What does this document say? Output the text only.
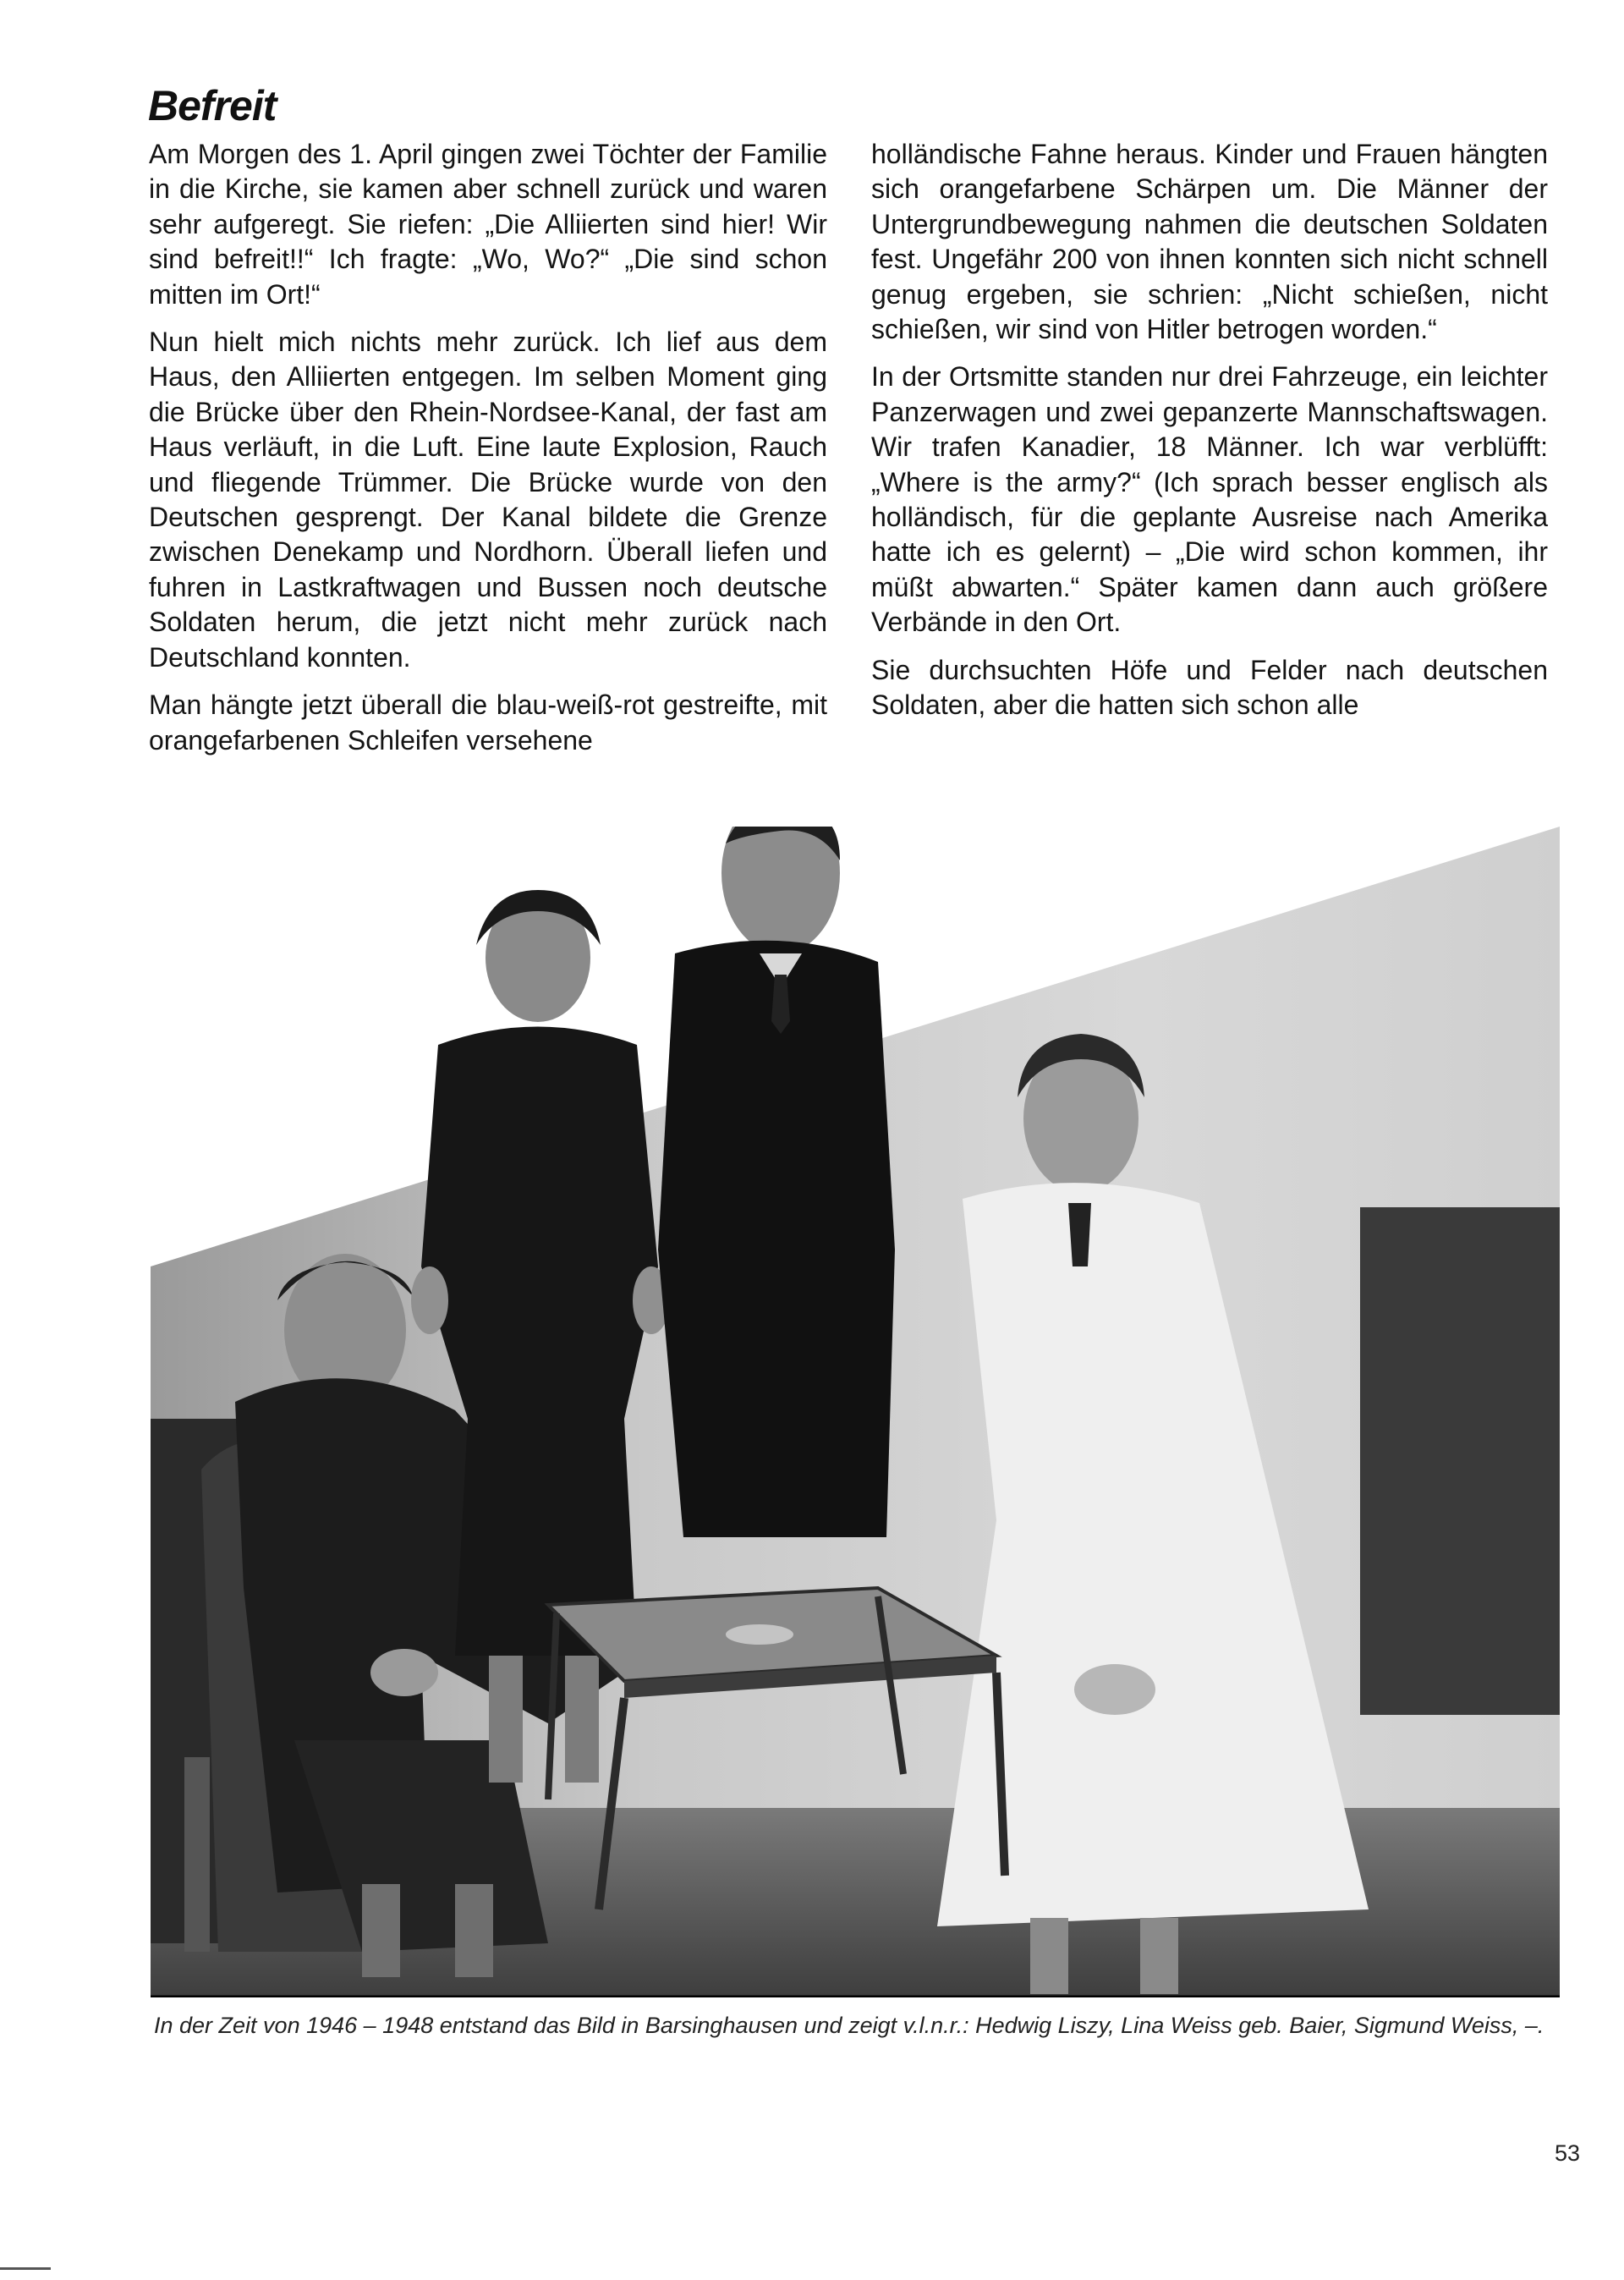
Befreit

Am Morgen des 1. April gingen zwei Töchter der Familie in die Kirche, sie kamen aber schnell zurück und waren sehr aufgeregt. Sie riefen: „Die Alliierten sind hier! Wir sind befreit!!“ Ich fragte: „Wo, Wo?“ „Die sind schon mitten im Ort!“

Nun hielt mich nichts mehr zurück. Ich lief aus dem Haus, den Alliierten entgegen. Im selben Moment ging die Brücke über den Rhein-Nordsee-Kanal, der fast am Haus verläuft, in die Luft. Eine laute Explosion, Rauch und fliegende Trümmer. Die Brücke wurde von den Deutschen gesprengt. Der Kanal bildete die Grenze zwischen Denekamp und Nordhorn. Überall liefen und fuhren in Lastkraftwagen und Bussen noch deutsche Soldaten herum, die jetzt nicht mehr zurück nach Deutschland konnten.

Man hängte jetzt überall die blau-weiß-rot gestreifte, mit orangefarbenen Schleifen versehene

holländische Fahne heraus. Kinder und Frauen hängten sich orangefarbene Schärpen um. Die Männer der Untergrundbewegung nahmen die deutschen Soldaten fest. Ungefähr 200 von ihnen konnten sich nicht schnell genug ergeben, sie schrien: „Nicht schießen, nicht schießen, wir sind von Hitler betrogen worden.“

In der Ortsmitte standen nur drei Fahrzeuge, ein leichter Panzerwagen und zwei gepanzerte Mannschaftswagen. Wir trafen Kanadier, 18 Männer. Ich war verblüfft: „Where is the army?“ (Ich sprach besser englisch als holländisch, für die geplante Ausreise nach Amerika hatte ich es gelernt) – „Die wird schon kommen, ihr müßt abwarten.“ Später kamen dann auch größere Verbände in den Ort.

Sie durchsuchten Höfe und Felder nach deutschen Soldaten, aber die hatten sich schon alle

In der Zeit von 1946 – 1948 entstand das Bild in Barsinghausen und zeigt v.l.n.r.: Hedwig Liszy, Lina Weiss geb. Baier, Sigmund Weiss, –.

53
